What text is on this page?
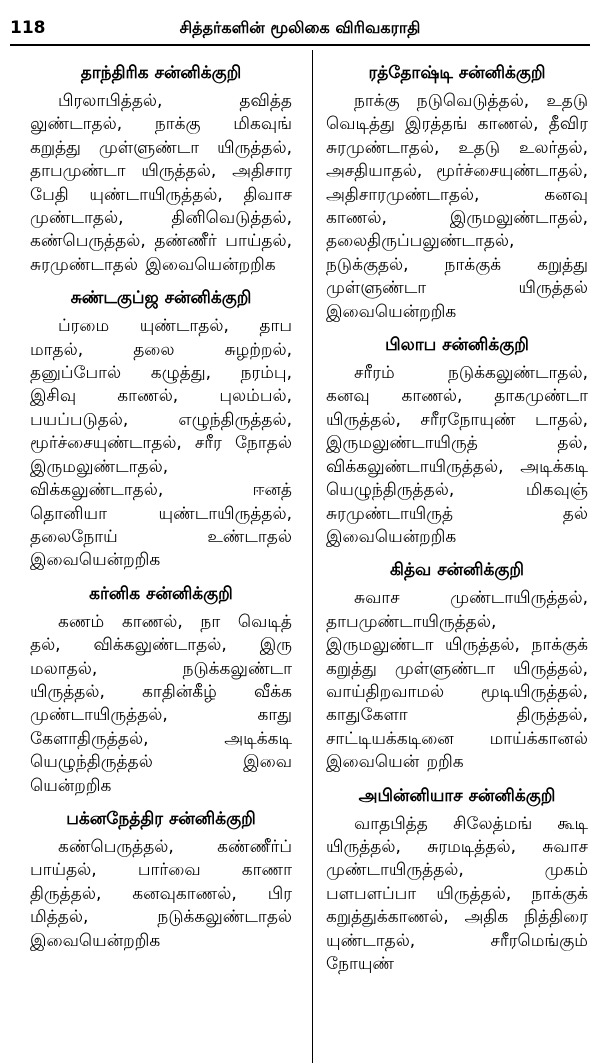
118	சித்தர்களின் மூலிகை விரிவகராதி
தாந்திரிக சன்னிக்குறி

பிரலாபித்தல், தவித்த லுண்டாதல், நாக்கு மிகவுங் கறுத்து முள்ளுண்டா யிருத்தல், தாபமுண்டா யிருத்தல், அதிசார பேதி யுண்டாயிருத்தல், திவாச முண்டாதல், தினிவெடுத்தல், கண்பெருத்தல், தண்ணீர் பாய்தல், சுரமுண்டாதல் இவையென்றறிக

சுண்டகுப்ஜ சன்னிக்குறி

ப்ரமை யுண்டாதல், தாப மாதல், தலை சுழற்றல், தனுப்போல் கழுத்து, நரம்பு, இசிவு காணல், புலம்பல், பயப்படுதல், எழுந்திருத்தல், மூர்ச்சையுண்டாதல், சரீர நோதல் இருமலுண்டாதல், விக்கலுண்டாதல், ஈனத் தொனியா யுண்டாயிருத்தல், தலைநோய் உண்டாதல் இவையென்றறிக

கர்னிக சன்னிக்குறி

கணம் காணல், நா வெடித் தல், விக்கலுண்டாதல், இரு மலாதல், நடுக்கலுண்டா யிருத்தல், காதின்கீழ் வீக்க முண்டாயிருத்தல், காது கேளாதிருத்தல், அடிக்கடி யெழுந்திருத்தல் இவை யென்றறிக

பக்னநேத்திர சன்னிக்குறி

கண்பெருத்தல், கண்ணீர்ப் பாய்தல், பார்வை காணா திருத்தல், கனவுகாணல், பிர மித்தல், நடுக்கலுண்டாதல் இவையென்றறிக

ரத்தோஷ்டி சன்னிக்குறி

நாக்கு நடுவெடுத்தல், உதடு வெடித்து இரத்தங் காணல், தீவிர சுரமுண்டாதல், உதடு உலர்தல், அசதியாதல், மூர்ச்சையுண்டாதல், அதிசாரமுண்டாதல், கனவு காணல், இருமலுண்டாதல், தலைதிருப்பலுண்டாதல், நடுக்குதல், நாக்குக் கறுத்து முள்ளுண்டா யிருத்தல் இவையென்றறிக

பிலாப சன்னிக்குறி

சரீரம் நடுக்கலுண்டாதல், கனவு காணல், தாகமுண்டா யிருத்தல், சரீரநோயுண் டாதல், இருமலுண்டாயிருத் தல், விக்கலுண்டாயிருத்தல், அடிக்கடி யெழுந்திருத்தல், மிகவுஞ் சுரமுண்டாயிருத் தல் இவையென்றறிக

கித்வ சன்னிக்குறி

சுவாச முண்டாயிருத்தல், தாபமுண்டாயிருத்தல், இருமலுண்டா யிருத்தல், நாக்குக் கறுத்து முள்ளுண்டா யிருத்தல், வாய்திறவாமல் மூடியிருத்தல், காதுகேளா திருத்தல், சாட்டியக்கடினை மாய்க்கானல் இவையென் றறிக

அபின்னியாச சன்னிக்குறி

வாதபித்த சிலேத்மங் கூடி யிருத்தல், சுரமடித்தல், சுவாச முண்டாயிருத்தல், முகம் பளபளப்பா யிருத்தல், நாக்குக் கறுத்துக்காணல், அதிக நித்திரை யுண்டாதல், சரீரமெங்கும் நோயுண்
